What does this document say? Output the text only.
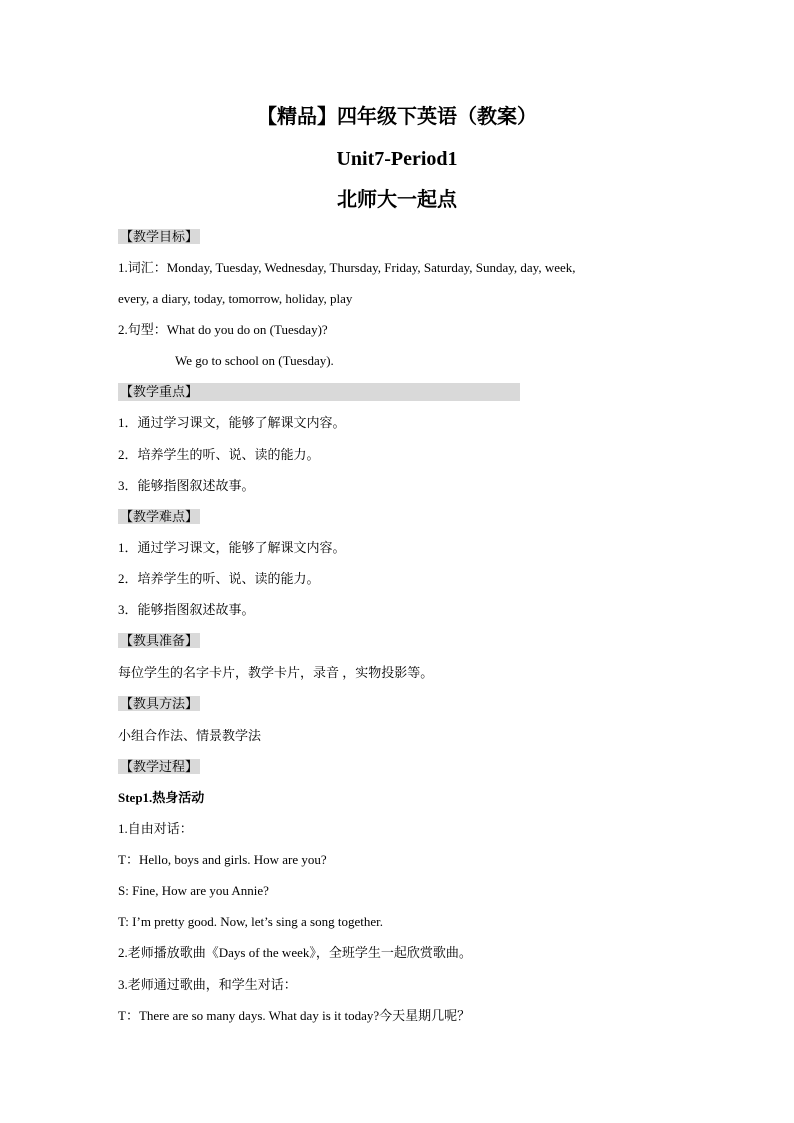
【精品】四年级下英语（教案）
Unit7-Period1
北师大一起点
【教学目标】
1.词汇：Monday, Tuesday, Wednesday, Thursday, Friday, Saturday, Sunday, day, week,
every, a diary, today, tomorrow, holiday, play
2.句型：What do you do on (Tuesday)?
We go to school on (Tuesday).
【教学重点】
1．通过学习课文，能够了解课文内容。
2．培养学生的听、说、读的能力。
3．能够指图叙述故事。
【教学难点】
1．通过学习课文，能够了解课文内容。
2．培养学生的听、说、读的能力。
3．能够指图叙述故事。
【教具准备】
每位学生的名字卡片，教学卡片，录音 ，实物投影等。
【教具方法】
小组合作法、情景教学法
【教学过程】
Step1.热身活动
1.自由对话：
T：Hello, boys and girls. How are you?
S: Fine, How are you Annie?
T: I’m pretty good. Now, let’s sing a song together.
2.老师播放歌曲《Days of the week》，全班学生一起欣赏歌曲。
3.老师通过歌曲，和学生对话：
T：There are so many days. What day is it today?今天星期几呢？
